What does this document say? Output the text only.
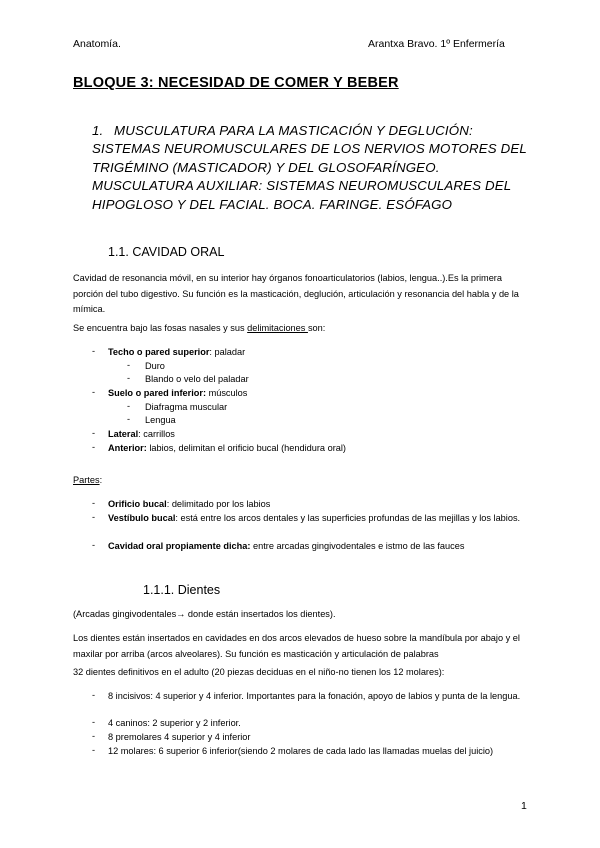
Anatomía.	Arantxa Bravo. 1º Enfermería
BLOQUE 3: NECESIDAD DE COMER Y BEBER
1. MUSCULATURA PARA LA MASTICACIÓN Y DEGLUCIÓN: SISTEMAS NEUROMUSCULARES DE LOS NERVIOS MOTORES DEL TRIGÉMINO (MASTICADOR) Y DEL GLOSOFARÍNGEO. MUSCULATURA AUXILIAR: SISTEMAS NEUROMUSCULARES DEL HIPOGLOSO Y DEL FACIAL. BOCA. FARINGE. ESÓFAGO
1.1. CAVIDAD ORAL
Cavidad de resonancia móvil, en su interior hay órganos fonoarticulatorios (labios, lengua..).Es la primera porción del tubo digestivo. Su función es la masticación, deglución, articulación y resonancia del habla y de la mímica.
Se encuentra bajo las fosas nasales y sus delimitaciones son:
- Techo o pared superior: paladar
- Duro
- Blando o velo del paladar
- Suelo o pared inferior: músculos
- Diafragma muscular
- Lengua
- Lateral: carrillos
- Anterior: labios, delimitan el orificio bucal (hendidura oral)
Partes:
- Orificio bucal: delimitado por los labios
- Vestíbulo bucal: está entre los arcos dentales y las superficies profundas de las mejillas y los labios.
- Cavidad oral propiamente dicha: entre arcadas gingivodentales e istmo de las fauces
1.1.1. Dientes
(Arcadas gingivodentales→ donde están insertados los dientes).
Los dientes están insertados en cavidades en dos arcos elevados de hueso sobre la mandíbula por abajo y el maxilar por arriba (arcos alveolares). Su función es masticación y articulación de palabras
32 dientes definitivos en el adulto (20 piezas deciduas en el niño-no tienen los 12 molares):
- 8 incisivos: 4 superior y 4 inferior. Importantes para la fonación, apoyo de labios y punta de la lengua.
- 4 caninos: 2 superior y 2 inferior.
- 8 premolares 4 superior y 4 inferior
- 12 molares: 6 superior 6 inferior(siendo 2 molares de cada lado las llamadas muelas del juicio)
1
